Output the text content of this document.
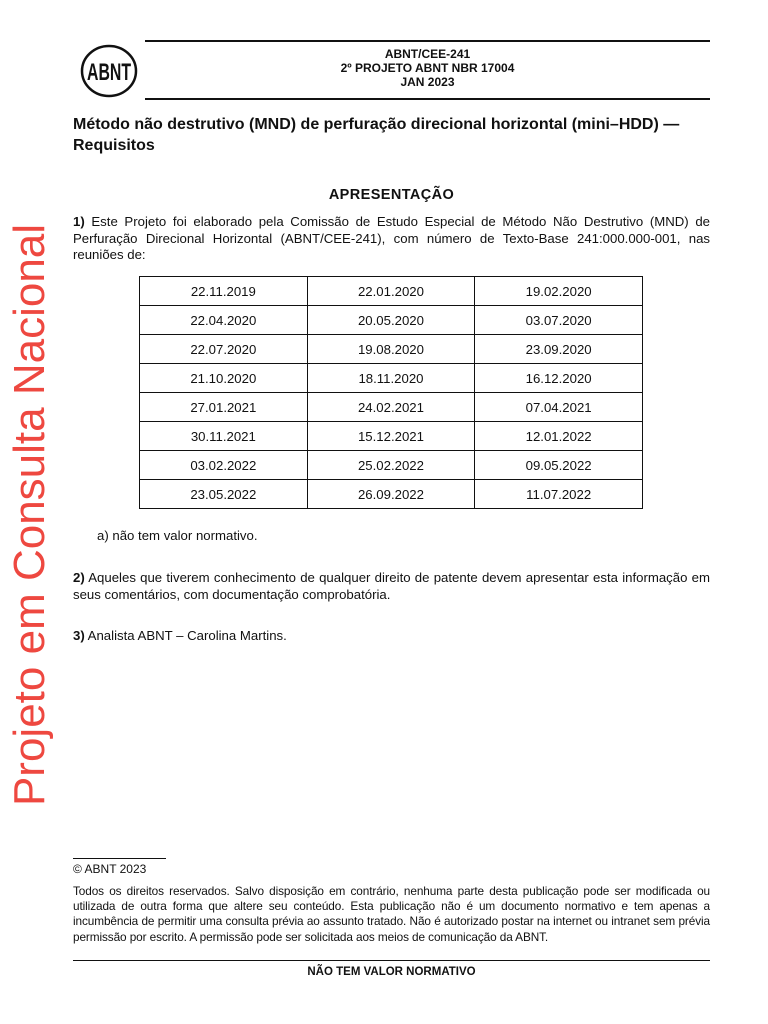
ABNT
ABNT/CEE-241
2º PROJETO ABNT NBR 17004
JAN 2023
Método não destrutivo (MND) de perfuração direcional horizontal (mini–HDD) — Requisitos
APRESENTAÇÃO
1) Este Projeto foi elaborado pela Comissão de Estudo Especial de Método Não Destrutivo (MND) de Perfuração Direcional Horizontal (ABNT/CEE-241), com número de Texto-Base 241:000.000-001, nas reuniões de:
22.11.2019	22.01.2020	19.02.2020
22.04.2020	20.05.2020	03.07.2020
22.07.2020	19.08.2020	23.09.2020
21.10.2020	18.11.2020	16.12.2020
27.01.2021	24.02.2021	07.04.2021
30.11.2021	15.12.2021	12.01.2022
03.02.2022	25.02.2022	09.05.2022
23.05.2022	26.09.2022	11.07.2022
a) não tem valor normativo.
2) Aqueles que tiverem conhecimento de qualquer direito de patente devem apresentar esta informação em seus comentários, com documentação comprobatória.
3) Analista ABNT – Carolina Martins.
Projeto em Consulta Nacional
© ABNT 2023
Todos os direitos reservados. Salvo disposição em contrário, nenhuma parte desta publicação pode ser modificada ou utilizada de outra forma que altere seu conteúdo. Esta publicação não é um documento normativo e tem apenas a incumbência de permitir uma consulta prévia ao assunto tratado. Não é autorizado postar na internet ou intranet sem prévia permissão por escrito. A permissão pode ser solicitada aos meios de comunicação da ABNT.
NÃO TEM VALOR NORMATIVO
